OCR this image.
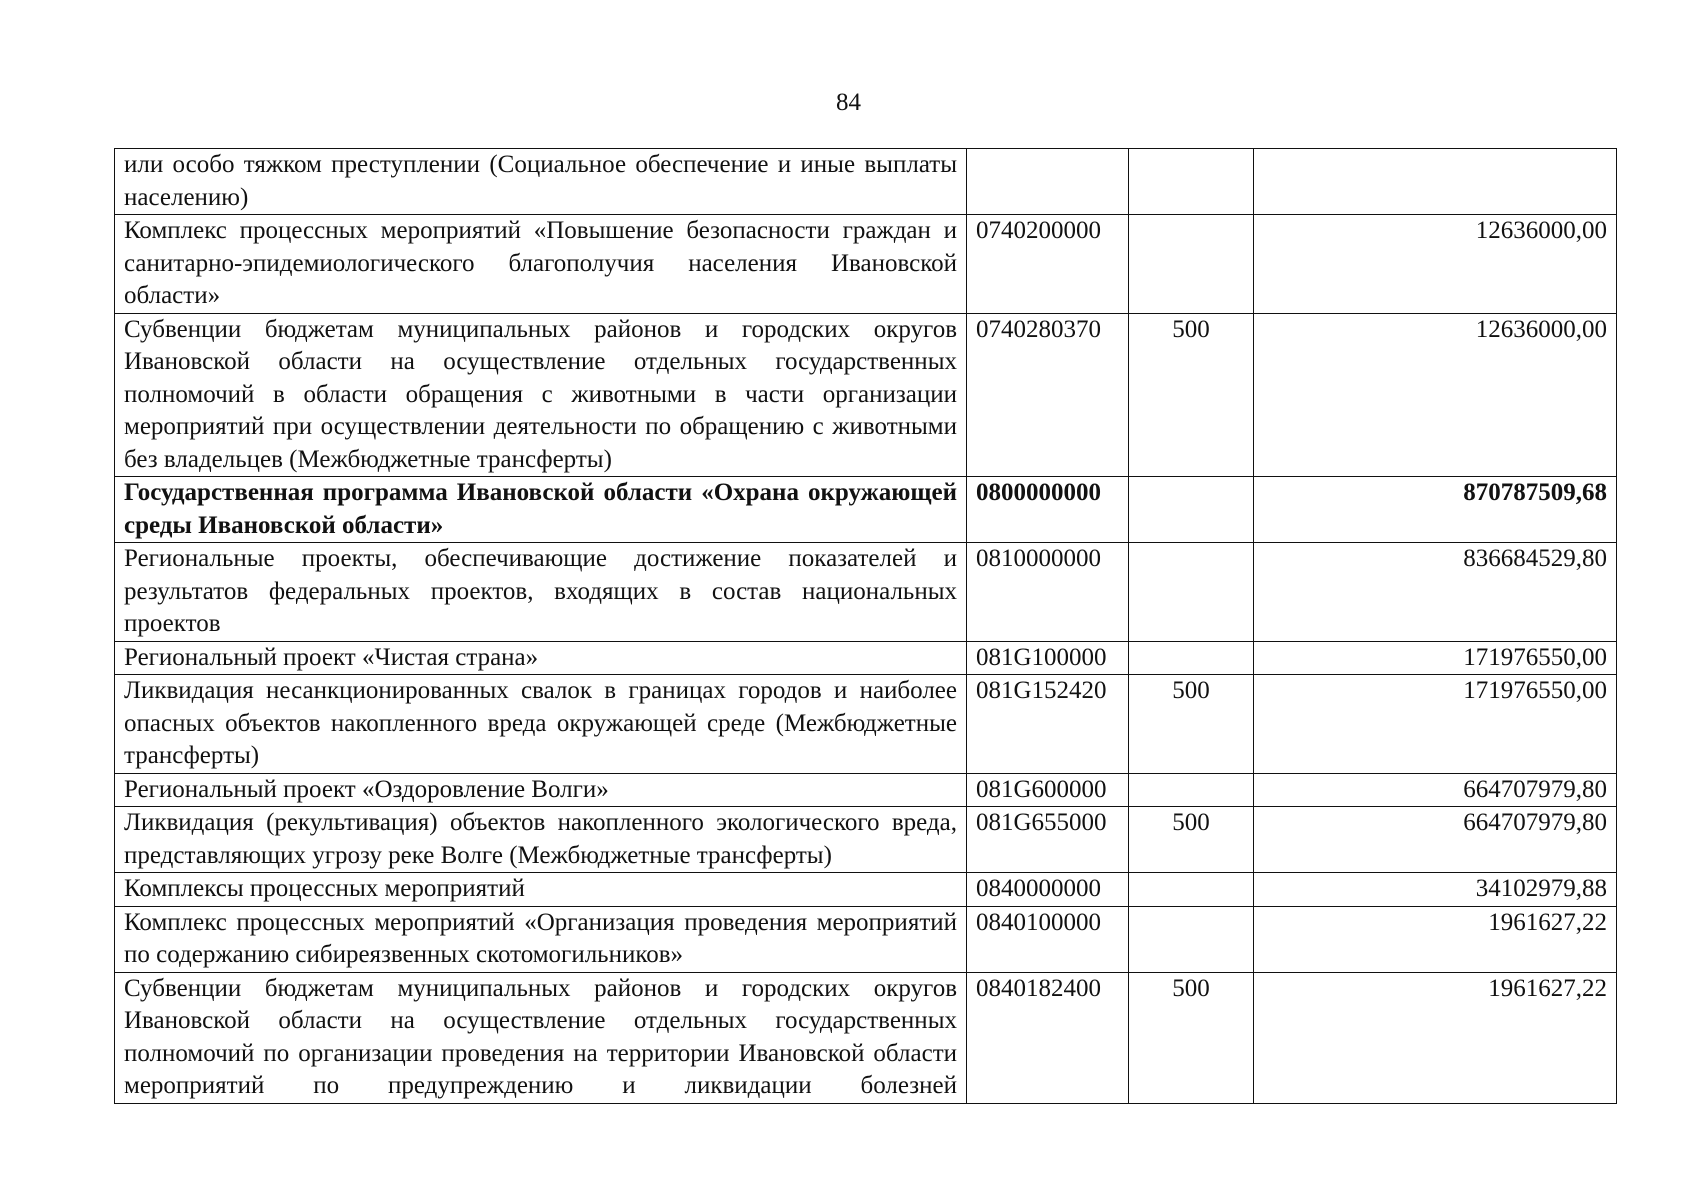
84
или особо тяжком преступлении (Социальное обеспечение и иные выплаты населению)			
Комплекс процессных мероприятий «Повышение безопасности граждан и санитарно-эпидемиологического благополучия населения Ивановской области»	0740200000		12636000,00
Субвенции бюджетам муниципальных районов и городских округов Ивановской области на осуществление отдельных государственных полномочий в области обращения с животными в части организации мероприятий при осуществлении деятельности по обращению с животными без владельцев (Межбюджетные трансферты)	0740280370	500	12636000,00
Государственная программа Ивановской области «Охрана окружающей среды Ивановской области»	0800000000		870787509,68
Региональные проекты, обеспечивающие достижение показателей и результатов федеральных проектов, входящих в состав национальных проектов	0810000000		836684529,80
Региональный проект «Чистая страна»	081G100000		171976550,00
Ликвидация несанкционированных свалок в границах городов и наиболее опасных объектов накопленного вреда окружающей среде (Межбюджетные трансферты)	081G152420	500	171976550,00
Региональный проект «Оздоровление Волги»	081G600000		664707979,80
Ликвидация (рекультивация) объектов накопленного экологического вреда, представляющих угрозу реке Волге (Межбюджетные трансферты)	081G655000	500	664707979,80
Комплексы процессных мероприятий	0840000000		34102979,88
Комплекс процессных мероприятий «Организация проведения мероприятий по содержанию сибиреязвенных скотомогильников»	0840100000		1961627,22
Субвенции бюджетам муниципальных районов и городских округов Ивановской области на осуществление отдельных государственных полномочий по организации проведения на территории Ивановской области мероприятий по предупреждению и ликвидации болезней	0840182400	500	1961627,22
